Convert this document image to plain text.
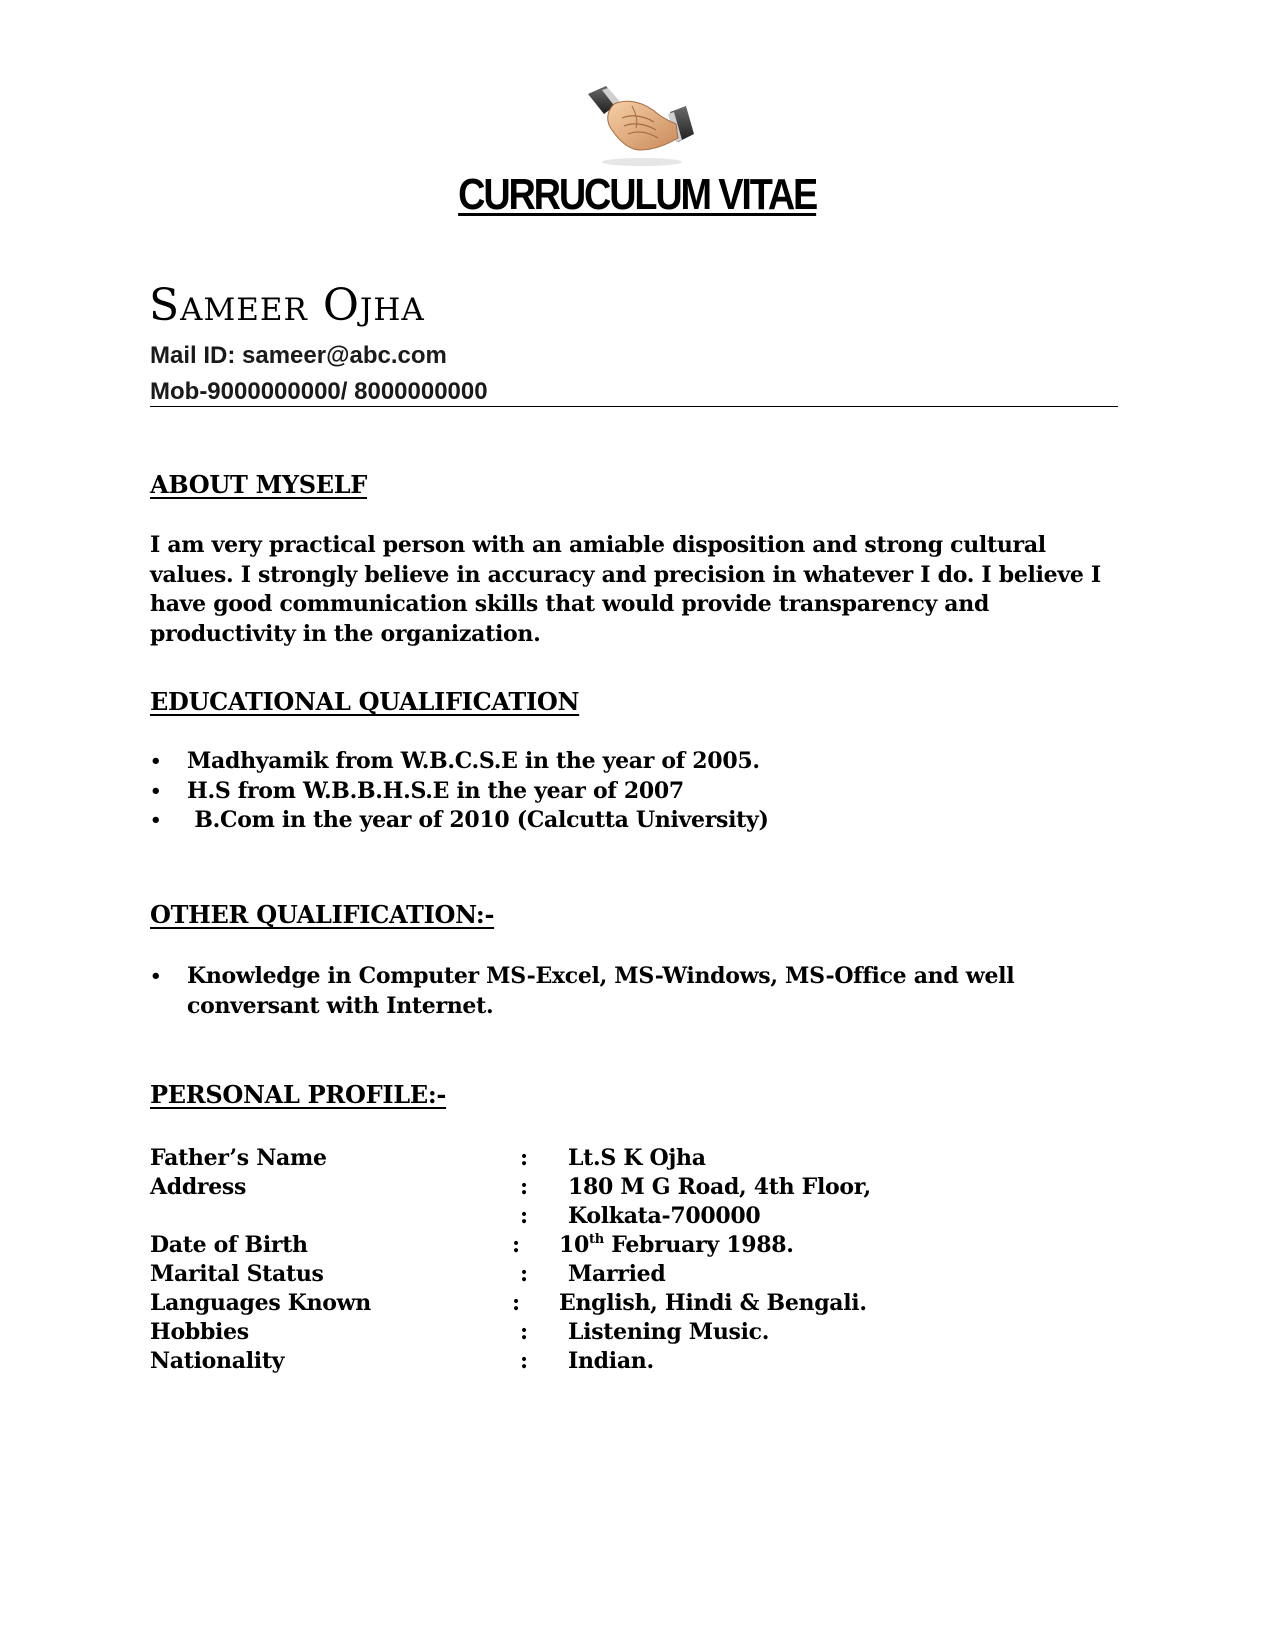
CURRUCULUM VITAE
Sameer Ojha
Mail ID: sameer@abc.com
Mob-9000000000/ 8000000000
ABOUT MYSELF
I am very practical person with an amiable disposition and strong cultural values. I strongly believe in accuracy and precision in whatever I do. I believe I have good communication skills that would provide transparency and productivity in the organization.
EDUCATIONAL QUALIFICATION
• Madhyamik from W.B.C.S.E in the year of 2005.
• H.S from W.B.B.H.S.E in the year of 2007
• B.Com in the year of 2010 (Calcutta University)
OTHER QUALIFICATION:-
• Knowledge in Computer MS-Excel, MS-Windows, MS-Office and well conversant with Internet.
PERSONAL PROFILE:-
Father’s Name	: Lt.S K Ojha
Address	: 180 M G Road, 4th Floor,
: Kolkata-700000
Date of Birth	: 10th February 1988.
Marital Status	: Married
Languages Known	: English, Hindi & Bengali.
Hobbies	: Listening Music.
Nationality	: Indian.
